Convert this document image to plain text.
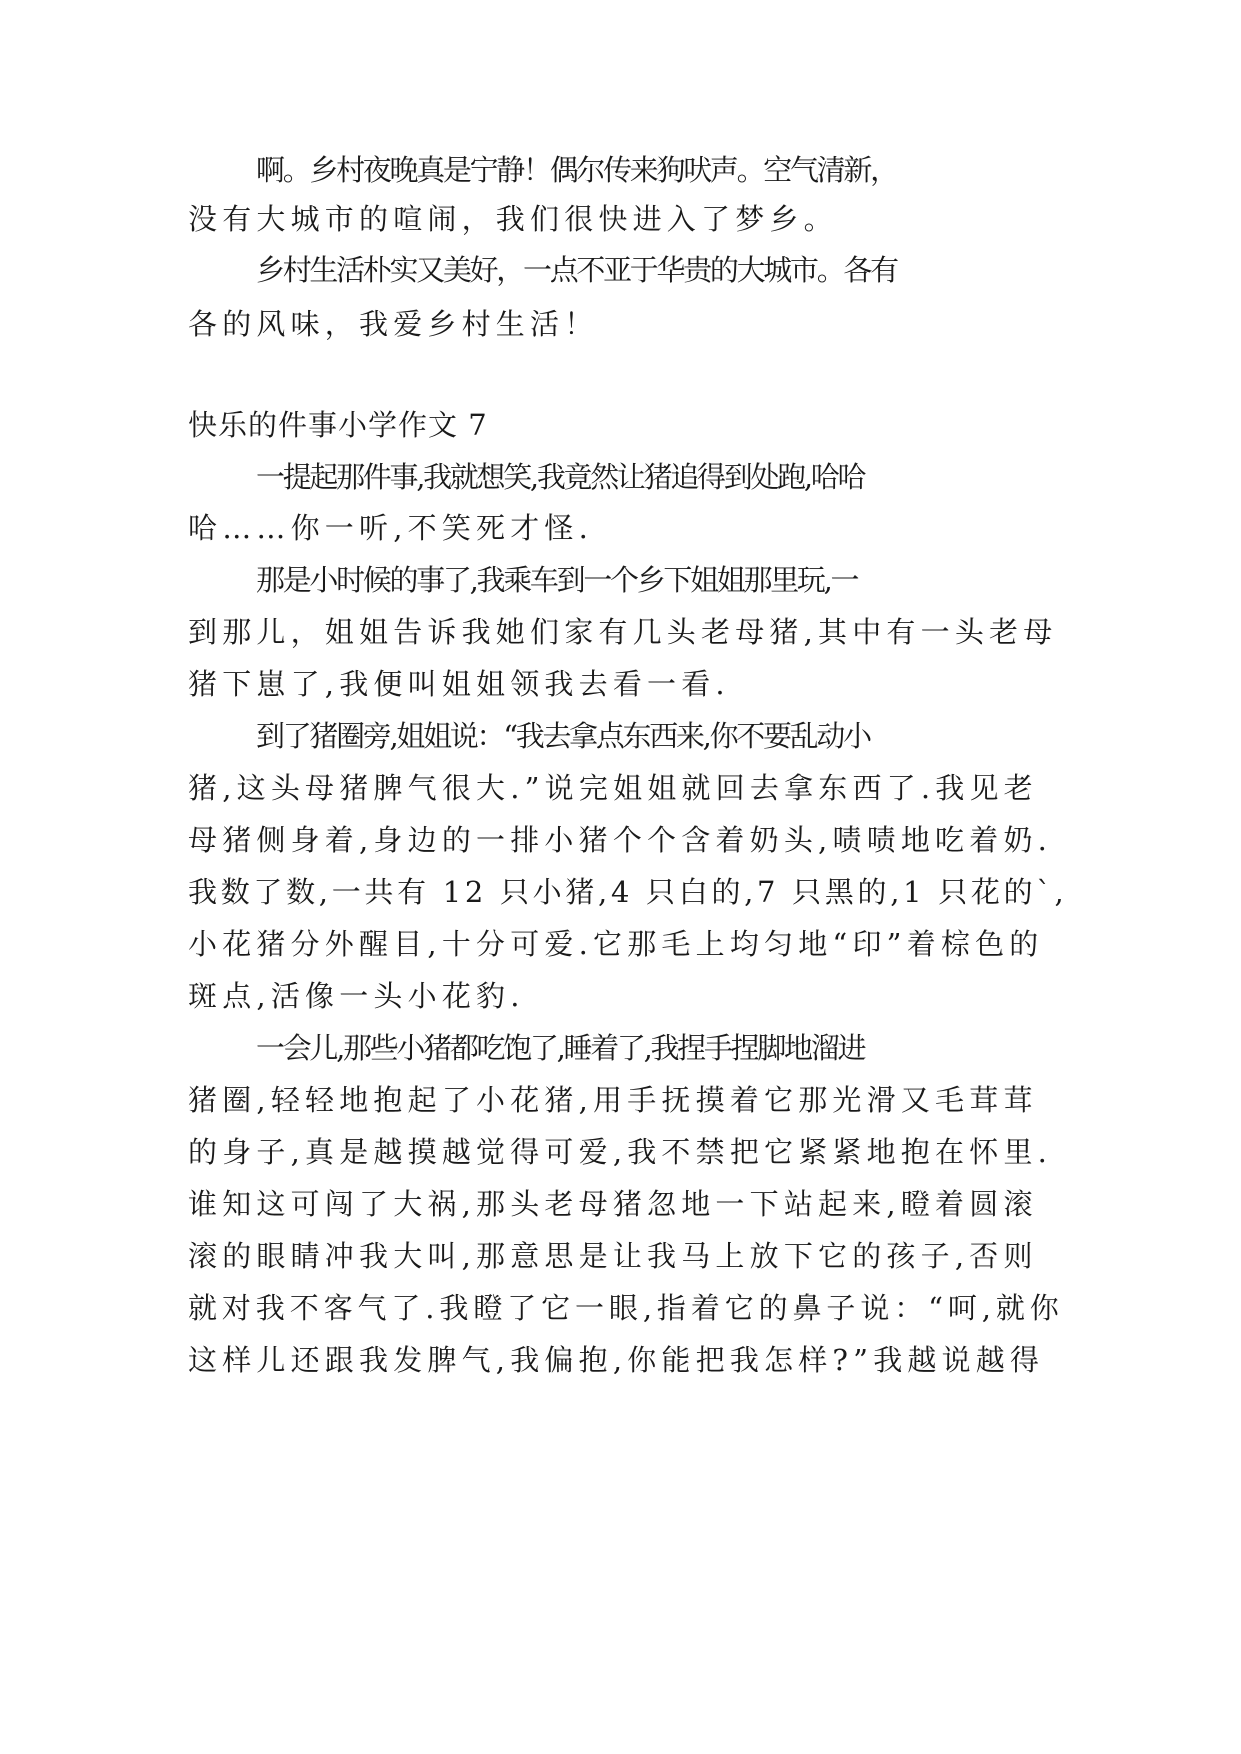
啊。乡村夜晚真是宁静！偶尔传来狗吠声。空气清新，
没有大城市的喧闹，我们很快进入了梦乡。
乡村生活朴实又美好，一点不亚于华贵的大城市。各有
各的风味，我爱乡村生活！
快乐的件事小学作文 7
一提起那件事,我就想笑,我竟然让猪追得到处跑,哈哈
哈……你一听,不笑死才怪.
那是小时候的事了,我乘车到一个乡下姐姐那里玩,一
到那儿，姐姐告诉我她们家有几头老母猪,其中有一头老母
猪下崽了,我便叫姐姐领我去看一看.
到了猪圈旁,姐姐说：“我去拿点东西来,你不要乱动小
猪,这头母猪脾气很大.”说完姐姐就回去拿东西了.我见老
母猪侧身着,身边的一排小猪个个含着奶头,啧啧地吃着奶.
我数了数,一共有 12 只小猪,4 只白的,7 只黑的,1 只花的`,
小花猪分外醒目,十分可爱.它那毛上均匀地“印”着棕色的
斑点,活像一头小花豹.
一会儿,那些小猪都吃饱了,睡着了,我捏手捏脚地溜进
猪圈,轻轻地抱起了小花猪,用手抚摸着它那光滑又毛茸茸
的身子,真是越摸越觉得可爱,我不禁把它紧紧地抱在怀里.
谁知这可闯了大祸,那头老母猪忽地一下站起来,瞪着圆滚
滚的眼睛冲我大叫,那意思是让我马上放下它的孩子,否则
就对我不客气了.我瞪了它一眼,指着它的鼻子说：“呵,就你
这样儿还跟我发脾气,我偏抱,你能把我怎样?”我越说越得
